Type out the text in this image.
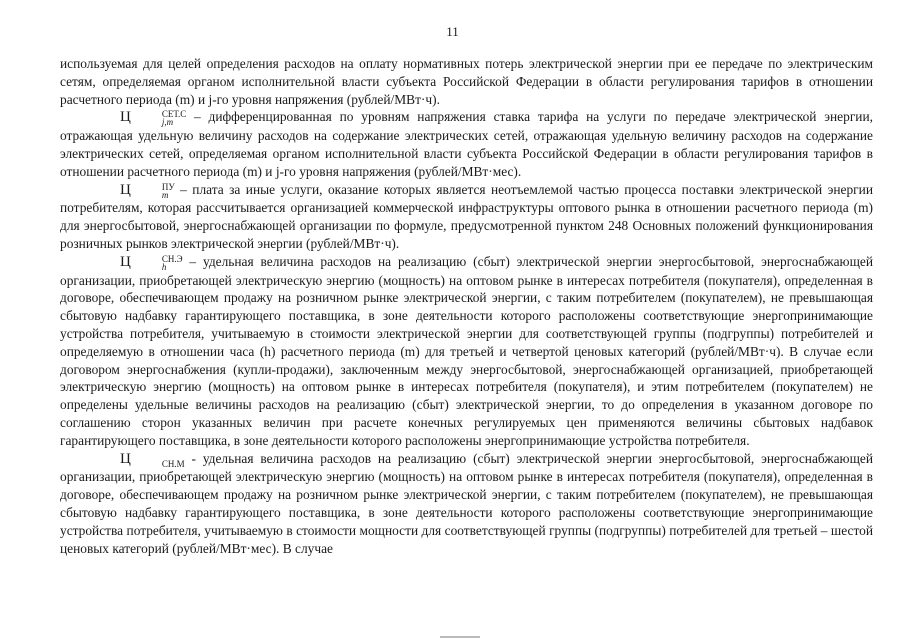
11

используемая для целей определения расходов на оплату нормативных потерь электрической энергии при ее передаче по электрическим сетям, определяемая органом исполнительной власти субъекта Российской Федерации в области регулирования тарифов в отношении расчетного периода (m) и j-го уровня напряжения (рублей/МВт·ч).

Ц	СЕТ.С
j,m – дифференцированная по уровням напряжения ставка тарифа на услуги по передаче электрической энергии, отражающая удельную величину расходов на содержание электрических сетей, отражающая удельную величину расходов на содержание электрических сетей, определяемая органом исполнительной власти субъекта Российской Федерации в области регулирования тарифов в отношении расчетного периода (m) и j-го уровня напряжения (рублей/МВт·мес).

Ц	ПУ
m – плата за иные услуги, оказание которых является неотъемлемой частью процесса поставки электрической энергии потребителям, которая рассчитывается организацией коммерческой инфраструктуры оптового рынка в отношении расчетного периода (m) для энергосбытовой, энергоснабжающей организации по формуле, предусмотренной пунктом 248 Основных положений функционирования розничных рынков электрической энергии (рублей/МВт·ч).

Ц	СН.Э
h	– удельная величина расходов на реализацию (сбыт) электрической энергии энергосбытовой, энергоснабжающей организации, приобретающей электрическую энергию (мощность) на оптовом рынке в интересах потребителя (покупателя), определенная в договоре, обеспечивающем продажу на розничном рынке электрической энергии, с таким потребителем (покупателем), не превышающая сбытовую надбавку гарантирующего поставщика, в зоне деятельности которого расположены соответствующие энергопринимающие устройства потребителя, учитываемую в стоимости электрической энергии для соответствующей группы (подгруппы) потребителей и определяемую в отношении часа (h) расчетного периода (m) для третьей и четвертой ценовых категорий (рублей/МВт·ч). В случае если договором энергоснабжения (купли-продажи), заключенным между энергосбытовой, энергоснабжающей организацией, приобретающей электрическую энергию (мощность) на оптовом рынке в интересах потребителя (покупателя), и этим потребителем (покупателем) не определены удельные величины расходов на реализацию (сбыт) электрической энергии, то до определения в указанном договоре по соглашению сторон указанных величин при расчете конечных регулируемых цен применяются величины сбытовых надбавок гарантирующего поставщика, в зоне деятельности которого расположены энергопринимающие устройства потребителя.

Ц	СН.М - удельная величина расходов на реализацию (сбыт) электрической энергии энергосбытовой, энергоснабжающей организации, приобретающей электрическую энергию (мощность) на оптовом рынке в интересах потребителя (покупателя), определенная в договоре, обеспечивающем продажу на розничном рынке электрической энергии, с таким потребителем (покупателем), не превышающая сбытовую надбавку гарантирующего поставщика, в зоне деятельности которого расположены соответствующие энергопринимающие устройства потребителя, учитываемую в стоимости мощности для соответствующей группы (подгруппы) потребителей для третьей – шестой ценовых категорий (рублей/МВт·мес). В случае
